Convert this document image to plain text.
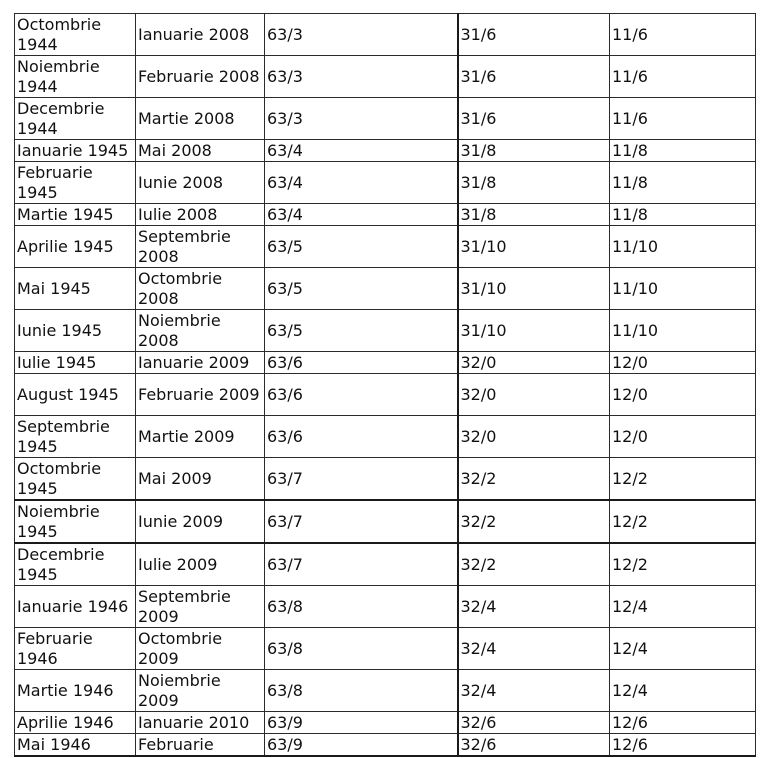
Octombrie 1944	Ianuarie 2008	63/3	31/6	11/6
Noiembrie 1944	Februarie 2008	63/3	31/6	11/6
Decembrie 1944	Martie 2008	63/3	31/6	11/6
Ianuarie 1945	Mai 2008	63/4	31/8	11/8
Februarie 1945	Iunie 2008	63/4	31/8	11/8
Martie 1945	Iulie 2008	63/4	31/8	11/8
Aprilie 1945	Septembrie 2008	63/5	31/10	11/10
Mai 1945	Octombrie 2008	63/5	31/10	11/10
Iunie 1945	Noiembrie 2008	63/5	31/10	11/10
Iulie 1945	Ianuarie 2009	63/6	32/0	12/0
August 1945	Februarie 2009	63/6	32/0	12/0
Septembrie 1945	Martie 2009	63/6	32/0	12/0
Octombrie 1945	Mai 2009	63/7	32/2	12/2
Noiembrie 1945	Iunie 2009	63/7	32/2	12/2
Decembrie 1945	Iulie 2009	63/7	32/2	12/2
Ianuarie 1946	Septembrie 2009	63/8	32/4	12/4
Februarie 1946	Octombrie 2009	63/8	32/4	12/4
Martie 1946	Noiembrie 2009	63/8	32/4	12/4
Aprilie 1946	Ianuarie 2010	63/9	32/6	12/6
Mai 1946	Februarie	63/9	32/6	12/6
